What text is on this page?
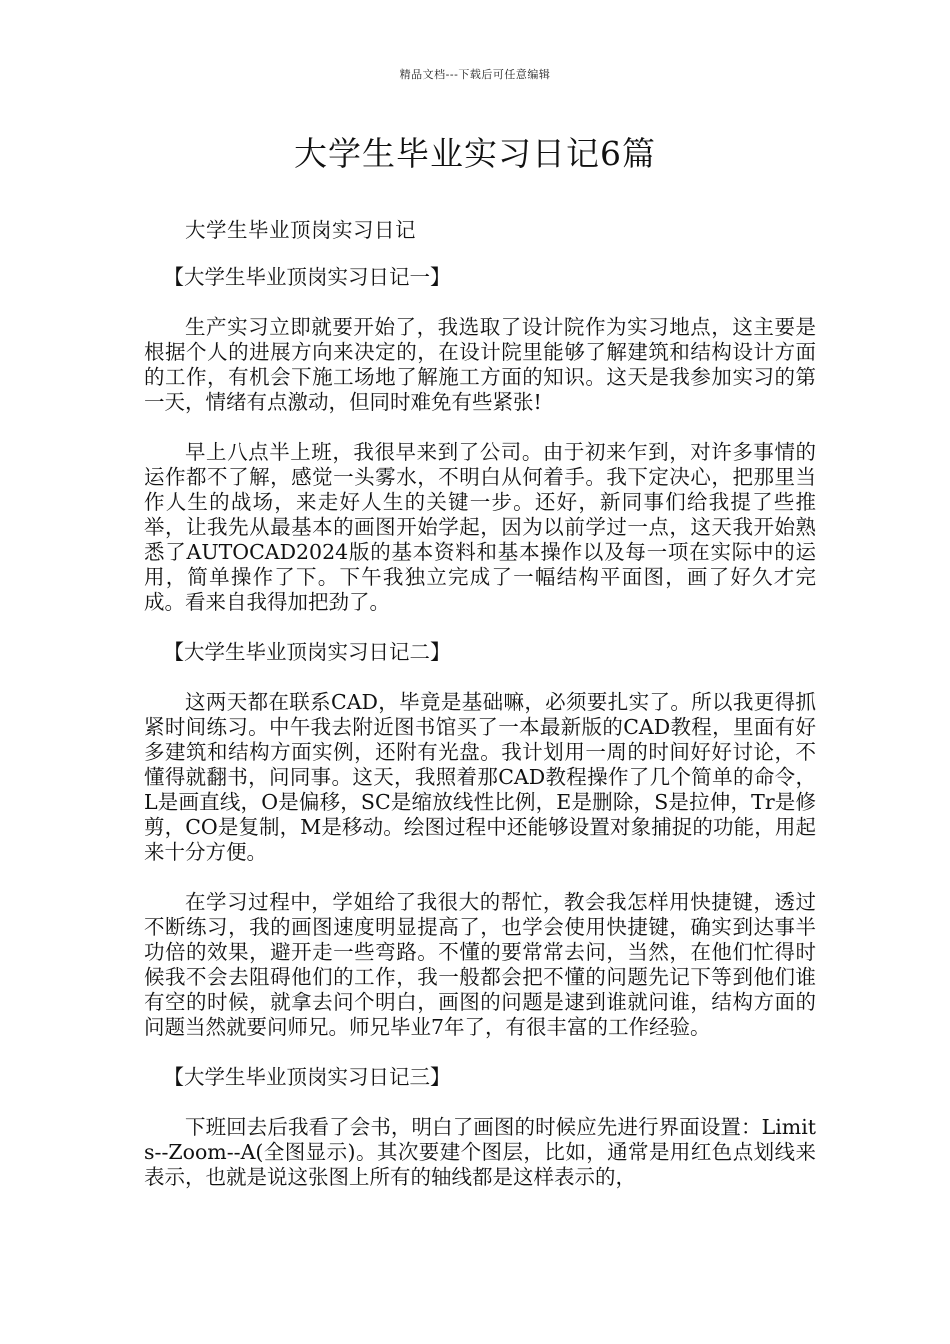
精品文档---下载后可任意编辑
大学生毕业实习日记6篇

大学生毕业顶岗实习日记

【大学生毕业顶岗实习日记一】

生产实习立即就要开始了，我选取了设计院作为实习地点，这主要是根据个人的进展方向来决定的，在设计院里能够了解建筑和结构设计方面的工作，有机会下施工场地了解施工方面的知识。这天是我参加实习的第一天，情绪有点激动，但同时难免有些紧张!

早上八点半上班，我很早来到了公司。由于初来乍到，对许多事情的运作都不了解，感觉一头雾水，不明白从何着手。我下定决心，把那里当作人生的战场，来走好人生的关键一步。还好，新同事们给我提了些推举，让我先从最基本的画图开始学起，因为以前学过一点，这天我开始熟悉了AUTOCAD2024版的基本资料和基本操作以及每一项在实际中的运用，简单操作了下。下午我独立完成了一幅结构平面图，画了好久才完成。看来自我得加把劲了。

【大学生毕业顶岗实习日记二】

这两天都在联系CAD，毕竟是基础嘛，必须要扎实了。所以我更得抓紧时间练习。中午我去附近图书馆买了一本最新版的CAD教程，里面有好多建筑和结构方面实例，还附有光盘。我计划用一周的时间好好讨论，不懂得就翻书，问同事。这天，我照着那CAD教程操作了几个简单的命令，L是画直线，O是偏移，SC是缩放线性比例，E是删除，S是拉伸，Tr是修剪，CO是复制，M是移动。绘图过程中还能够设置对象捕捉的功能，用起来十分方便。

在学习过程中，学姐给了我很大的帮忙，教会我怎样用快捷键，透过不断练习，我的画图速度明显提高了，也学会使用快捷键，确实到达事半功倍的效果，避开走一些弯路。不懂的要常常去问，当然，在他们忙得时候我不会去阻碍他们的工作，我一般都会把不懂的问题先记下等到他们谁有空的时候，就拿去问个明白，画图的问题是逮到谁就问谁，结构方面的问题当然就要问师兄。师兄毕业7年了，有很丰富的工作经验。

【大学生毕业顶岗实习日记三】

下班回去后我看了会书，明白了画图的时候应先进行界面设置：Limits--Zoom--A(全图显示)。其次要建个图层，比如，通常是用红色点划线来表示，也就是说这张图上所有的轴线都是这样表示的，
